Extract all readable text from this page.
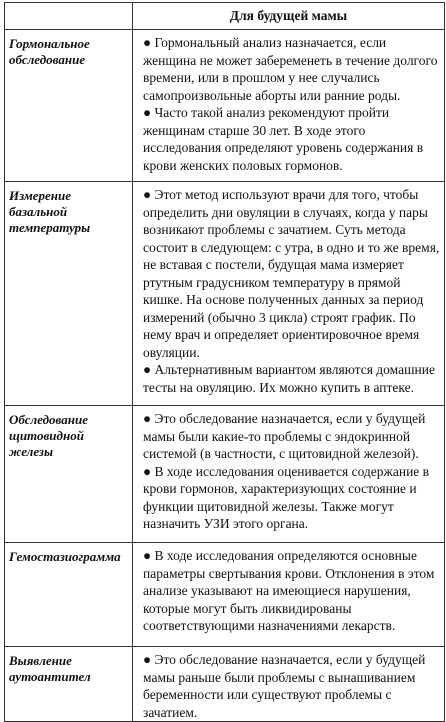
	Для будущей мамы
Гормональное обследование	● Гормональный анализ назначается, если женщина не может забеременеть в течение долгого времени, или в прошлом у нее случались самопроизвольные аборты или ранние роды.

● Часто такой анализ рекомендуют пройти женщинам старше 30 лет. В ходе этого исследования определяют уровень содержания в крови женских половых гормонов.

Измерение базальной температуры	● Этот метод используют врачи для того, чтобы определить дни овуляции в случаях, когда у пары возникают проблемы с зачатием. Суть метода состоит в следующем: с утра, в одно и то же время, не вставая с постели, будущая мама измеряет ртутным градусником температуру в прямой кишке. На основе полученных данных за период измерений (обычно 3 цикла) строят график. По нему врач и определяет ориентировочное время овуляции.

● Альтернативным вариантом являются домашние тесты на овуляцию. Их можно купить в аптеке.

Обследование щитовидной железы	● Это обследование назначается, если у будущей мамы были какие-то проблемы с эндокринной системой (в частности, с щитовидной железой).

● В ходе исследования оценивается содержание в крови гормонов, характеризующих состояние и функции щитовидной железы. Также могут назначить УЗИ этого органа.

Гемостазиограмма	● В ходе исследования определяются основные параметры свертывания крови. Отклонения в этом анализе указывают на имеющиеся нарушения, которые могут быть ликвидированы соответствующими назначениями лекарств.

Выявление аутоантител	● Это обследование назначается, если у будущей мамы раньше были проблемы с вынашиванием беременности или существуют проблемы с зачатием.
